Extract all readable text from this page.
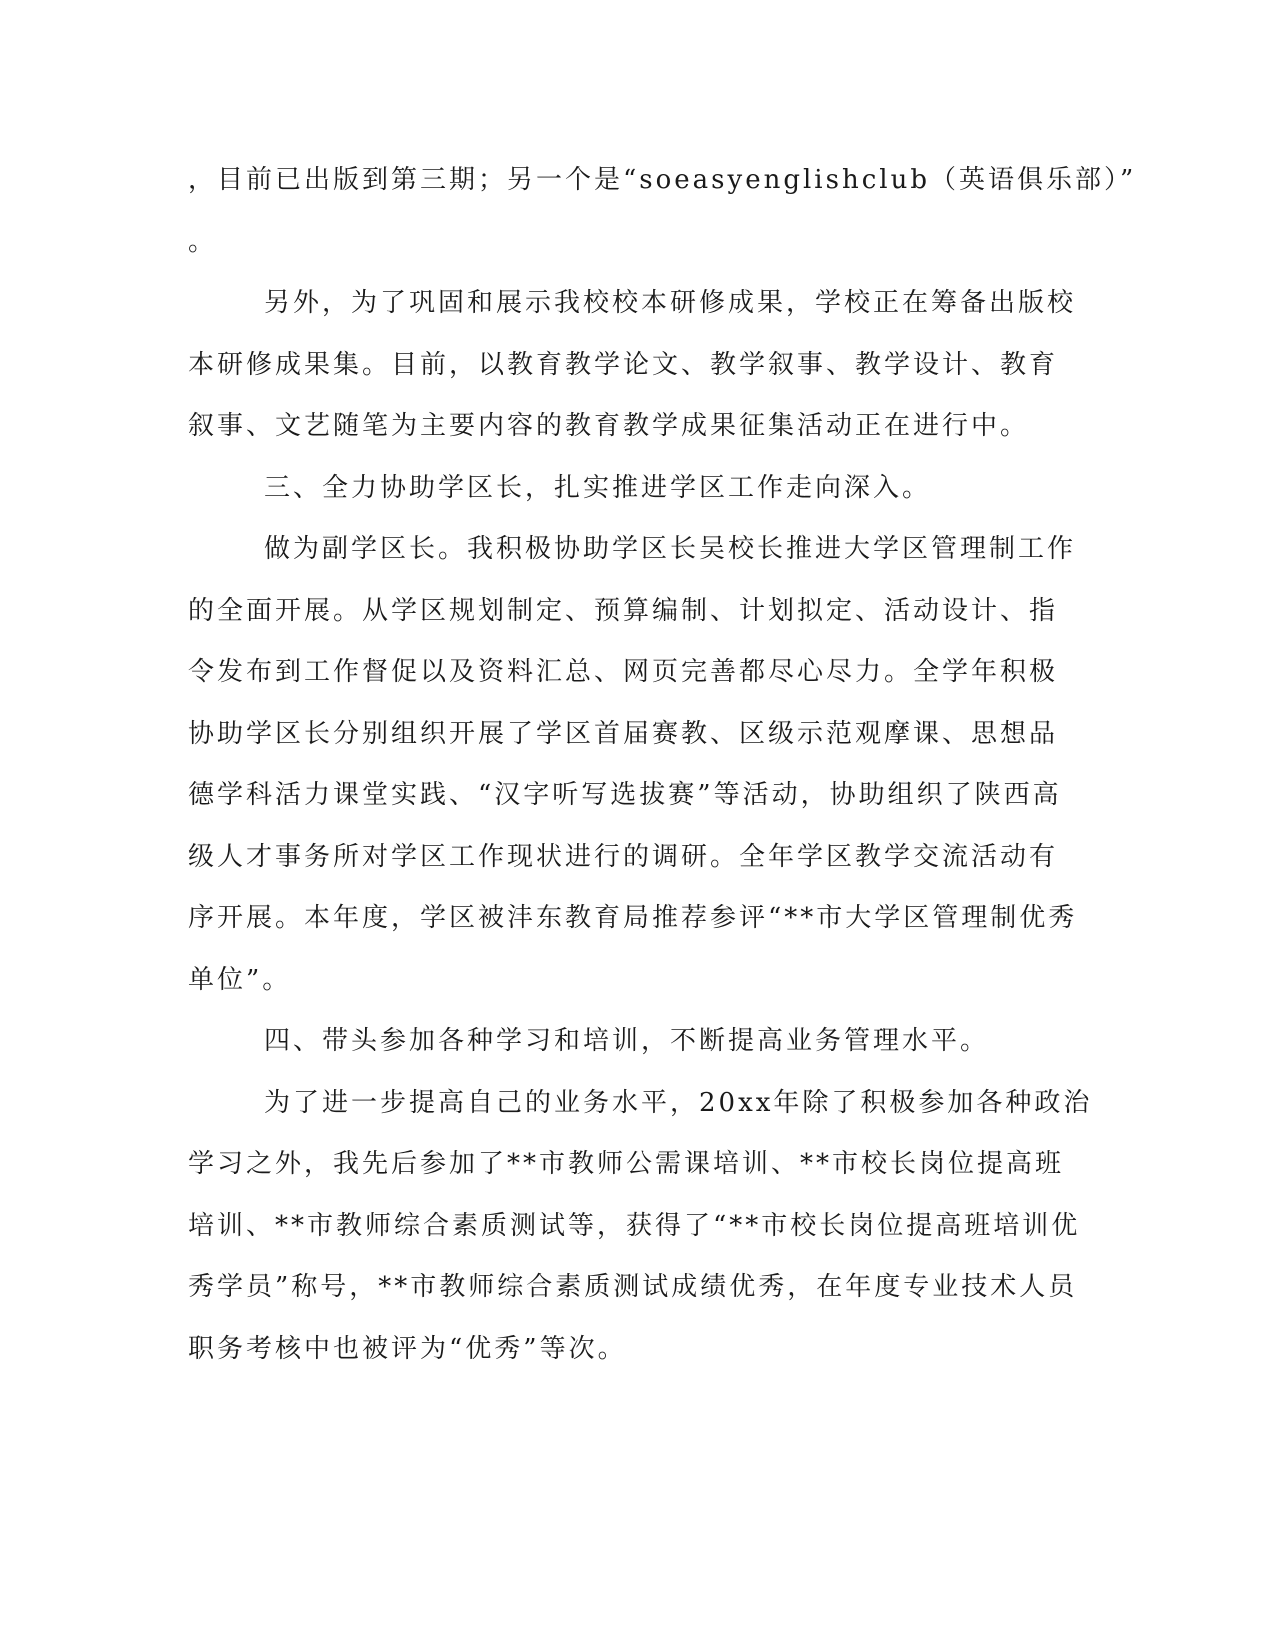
，目前已出版到第三期；另一个是“soeasyenglishclub（英语俱乐部）”
。
另外，为了巩固和展示我校校本研修成果，学校正在筹备出版校
本研修成果集。目前，以教育教学论文、教学叙事、教学设计、教育
叙事、文艺随笔为主要内容的教育教学成果征集活动正在进行中。
三、全力协助学区长，扎实推进学区工作走向深入。
做为副学区长。我积极协助学区长吴校长推进大学区管理制工作
的全面开展。从学区规划制定、预算编制、计划拟定、活动设计、指
令发布到工作督促以及资料汇总、网页完善都尽心尽力。全学年积极
协助学区长分别组织开展了学区首届赛教、区级示范观摩课、思想品
德学科活力课堂实践、“汉字听写选拔赛”等活动，协助组织了陕西高
级人才事务所对学区工作现状进行的调研。全年学区教学交流活动有
序开展。本年度，学区被沣东教育局推荐参评“**市大学区管理制优秀
单位”。
四、带头参加各种学习和培训，不断提高业务管理水平。
为了进一步提高自己的业务水平，20xx年除了积极参加各种政治
学习之外，我先后参加了**市教师公需课培训、**市校长岗位提高班
培训、**市教师综合素质测试等，获得了“**市校长岗位提高班培训优
秀学员”称号，**市教师综合素质测试成绩优秀，在年度专业技术人员
职务考核中也被评为“优秀”等次。
